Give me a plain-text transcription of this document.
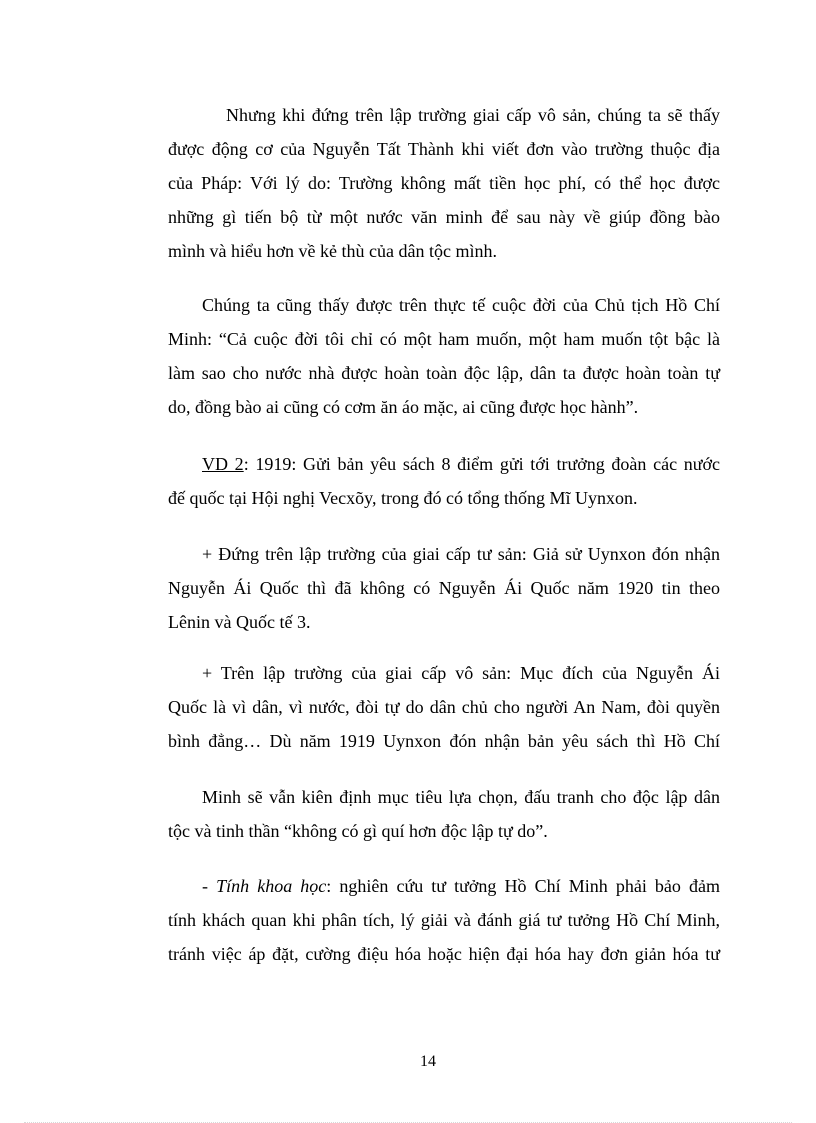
Nhưng khi đứng trên lập trường giai cấp vô sản, chúng ta sẽ thấy
được động cơ của Nguyễn Tất Thành khi viết đơn vào trường thuộc địa
của Pháp: Với lý do: Trường không mất tiền học phí, có thể học được
những gì tiến bộ từ một nước văn minh để sau này về giúp đồng bào
mình và hiểu hơn về kẻ thù của dân tộc mình.
Chúng ta cũng thấy được trên thực tế cuộc đời của Chủ tịch Hồ Chí
Minh: “Cả cuộc đời tôi chỉ có một ham muốn, một ham muốn tột bậc là
làm sao cho nước nhà được hoàn toàn độc lập, dân ta được hoàn toàn tự
do, đồng bào ai cũng có cơm ăn áo mặc, ai cũng được học hành”.
VD 2: 1919: Gửi bản yêu sách 8 điểm gửi tới trưởng đoàn các nước
đế quốc tại Hội nghị Vecxõy, trong đó có tổng thống Mĩ Uynxon.
+ Đứng trên lập trường của giai cấp tư sản: Giả sử Uynxon đón nhận
Nguyễn Ái Quốc thì đã không có Nguyễn Ái Quốc năm 1920 tin theo
Lênin và Quốc tế 3.
+ Trên lập trường của giai cấp vô sản: Mục đích của Nguyễn Ái
Quốc là vì dân, vì nước, đòi tự do dân chủ cho người An Nam, đòi quyền
bình đẳng… Dù năm 1919 Uynxon đón nhận bản yêu sách thì Hồ Chí
Minh sẽ vẫn kiên định mục tiêu lựa chọn, đấu tranh cho độc lập dân
tộc và tinh thần “không có gì quí hơn độc lập tự do”.
- Tính khoa học: nghiên cứu tư tưởng Hồ Chí Minh phải bảo đảm
tính khách quan khi phân tích, lý giải và đánh giá tư tưởng Hồ Chí Minh,
tránh việc áp đặt, cường điệu hóa hoặc hiện đại hóa hay đơn giản hóa tư
14
